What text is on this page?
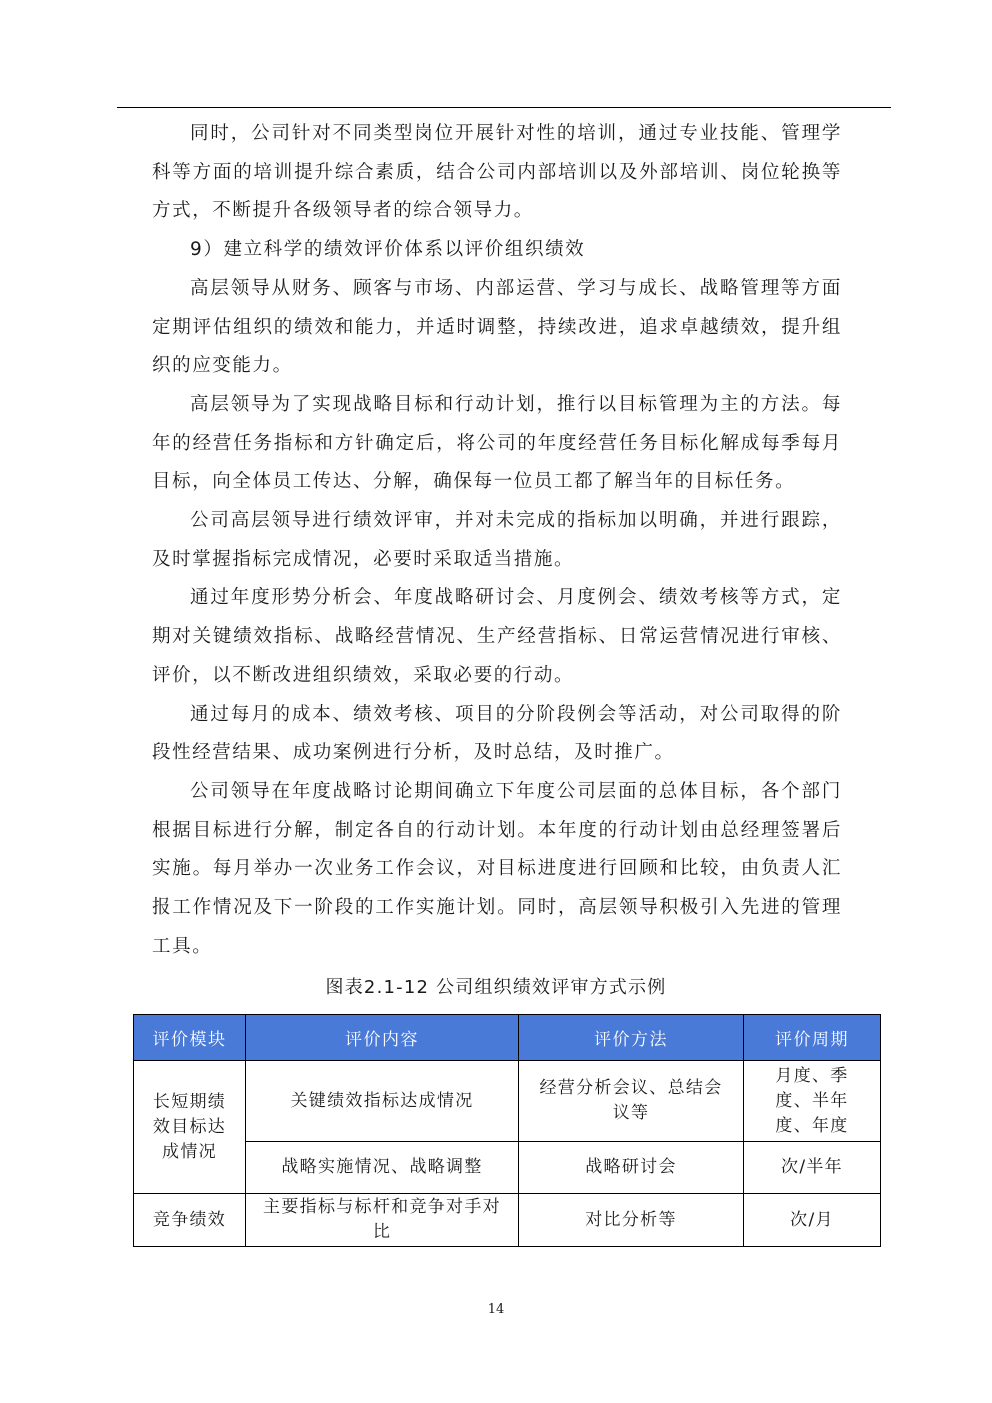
同时，公司针对不同类型岗位开展针对性的培训，通过专业技能、管理学科等方面的培训提升综合素质，结合公司内部培训以及外部培训、岗位轮换等方式，不断提升各级领导者的综合领导力。

9）建立科学的绩效评价体系以评价组织绩效

高层领导从财务、顾客与市场、内部运营、学习与成长、战略管理等方面定期评估组织的绩效和能力，并适时调整，持续改进，追求卓越绩效，提升组织的应变能力。

高层领导为了实现战略目标和行动计划，推行以目标管理为主的方法。每年的经营任务指标和方针确定后，将公司的年度经营任务目标化解成每季每月目标，向全体员工传达、分解，确保每一位员工都了解当年的目标任务。

公司高层领导进行绩效评审，并对未完成的指标加以明确，并进行跟踪，及时掌握指标完成情况，必要时采取适当措施。

通过年度形势分析会、年度战略研讨会、月度例会、绩效考核等方式，定期对关键绩效指标、战略经营情况、生产经营指标、日常运营情况进行审核、评价，以不断改进组织绩效，采取必要的行动。

通过每月的成本、绩效考核、项目的分阶段例会等活动，对公司取得的阶段性经营结果、成功案例进行分析，及时总结，及时推广。

公司领导在年度战略讨论期间确立下年度公司层面的总体目标，各个部门根据目标进行分解，制定各自的行动计划。本年度的行动计划由总经理签署后实施。每月举办一次业务工作会议，对目标进度进行回顾和比较，由负责人汇报工作情况及下一阶段的工作实施计划。同时，高层领导积极引入先进的管理工具。

图表2.1-12 公司组织绩效评审方式示例
评价模块	评价内容	评价方法	评价周期
长短期绩效目标达成情况	关键绩效指标达成情况	经营分析会议、总结会议等	月度、季度、半年度、年度
	战略实施情况、战略调整	战略研讨会	次/半年
竞争绩效	主要指标与标杆和竞争对手对比	对比分析等	次/月
14
